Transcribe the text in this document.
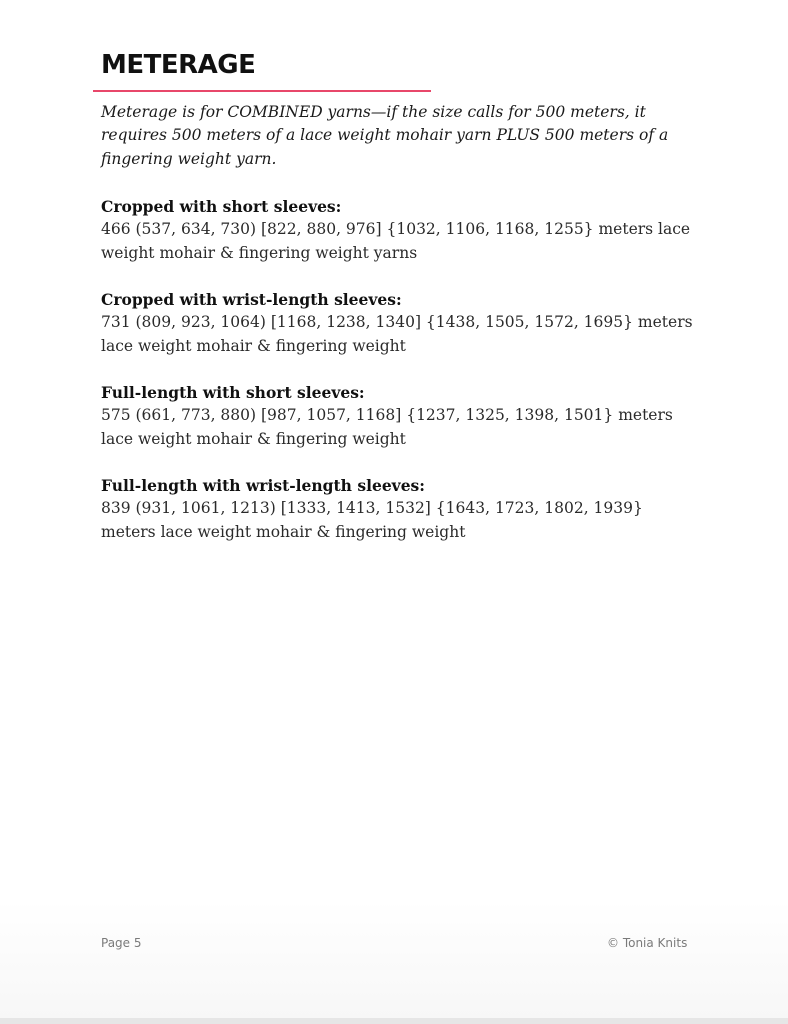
METERAGE

Meterage is for COMBINED yarns—if the size calls for 500 meters, it requires 500 meters of a lace weight mohair yarn PLUS 500 meters of a fingering weight yarn.

Cropped with short sleeves:
466 (537, 634, 730) [822, 880, 976] {1032, 1106, 1168, 1255} meters lace weight mohair & fingering weight yarns
Cropped with wrist-length sleeves:
731 (809, 923, 1064) [1168, 1238, 1340] {1438, 1505, 1572, 1695} meters lace weight mohair & fingering weight
Full-length with short sleeves:
575 (661, 773, 880) [987, 1057, 1168] {1237, 1325, 1398, 1501} meters lace weight mohair & fingering weight
Full-length with wrist-length sleeves:
839 (931, 1061, 1213) [1333, 1413, 1532] {1643, 1723, 1802, 1939} meters lace weight mohair & fingering weight
Page 5	© Tonia Knits
